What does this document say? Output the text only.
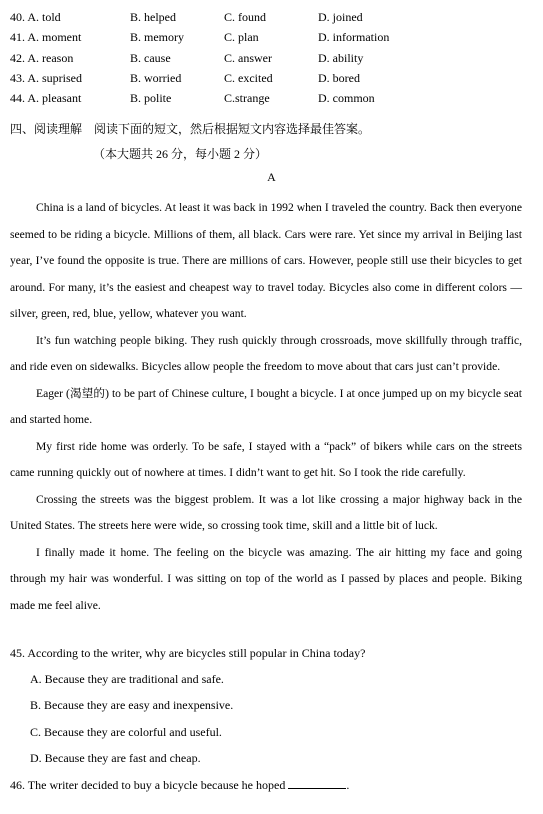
40. A. told	B. helped	C. found	D. joined
41. A. moment	B. memory	C. plan	D. information
42. A. reason	B. cause	C. answer	D. ability
43. A. suprised	B. worried	C. excited	D. bored
44. A. pleasant	B. polite	C.strange	D. common
四、阅读理解　阅读下面的短文，然后根据短文内容选择最佳答案。
（本大题共 26 分，每小题 2 分）
A

China is a land of bicycles. At least it was back in 1992 when I traveled the country. Back then everyone seemed to be riding a bicycle. Millions of them, all black. Cars were rare. Yet since my arrival in Beijing last year, I’ve found the opposite is true. There are millions of cars. However, people still use their bicycles to get around. For many, it’s the easiest and cheapest way to travel today. Bicycles also come in different colors — silver, green, red, blue, yellow, whatever you want.

It’s fun watching people biking. They rush quickly through crossroads, move skillfully through traffic, and ride even on sidewalks. Bicycles allow people the freedom to move about that cars just can’t provide.

Eager (渴望的) to be part of Chinese culture, I bought a bicycle. I at once jumped up on my bicycle seat and started home.

My first ride home was orderly. To be safe, I stayed with a “pack” of bikers while cars on the streets came running quickly out of nowhere at times. I didn’t want to get hit. So I took the ride carefully.

Crossing the streets was the biggest problem. It was a lot like crossing a major highway back in the United States. The streets here were wide, so crossing took time, skill and a little bit of luck.

I finally made it home. The feeling on the bicycle was amazing. The air hitting my face and going through my hair was wonderful. I was sitting on top of the world as I passed by places and people. Biking made me feel alive.

45. According to the writer, why are bicycles still popular in China today?
A. Because they are traditional and safe.
B. Because they are easy and inexpensive.
C. Because they are colorful and useful.
D. Because they are fast and cheap.
46. The writer decided to buy a bicycle because he hoped	.
